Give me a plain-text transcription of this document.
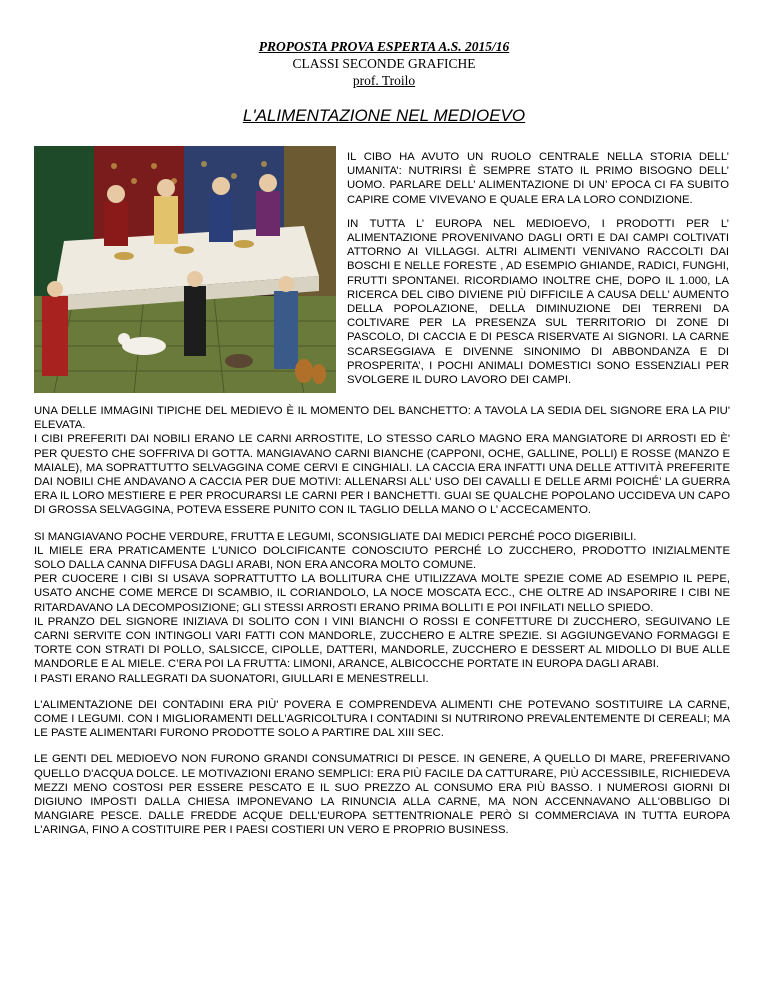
PROPOSTA PROVA ESPERTA A.S. 2015/16
CLASSI SECONDE GRAFICHE
prof. Troilo
L'ALIMENTAZIONE NEL MEDIOEVO

IL CIBO HA AVUTO UN RUOLO CENTRALE NELLA STORIA DELL’ UMANITA’: NUTRIRSI È SEMPRE STATO IL PRIMO BISOGNO DELL’ UOMO. PARLARE DELL’ ALIMENTAZIONE DI UN’ EPOCA CI FA SUBITO CAPIRE COME VIVEVANO E QUALE ERA LA LORO CONDIZIONE.

IN TUTTA L’ EUROPA NEL MEDIOEVO, I PRODOTTI PER L’ ALIMENTAZIONE PROVENIVANO DAGLI ORTI E DAI CAMPI COLTIVATI ATTORNO AI VILLAGGI. ALTRI ALIMENTI VENIVANO RACCOLTI DAI BOSCHI E NELLE FORESTE , AD ESEMPIO GHIANDE, RADICI, FUNGHI, FRUTTI SPONTANEI. RICORDIAMO INOLTRE CHE, DOPO IL 1.000, LA RICERCA DEL CIBO DIVIENE PIÙ DIFFICILE A CAUSA DELL’ AUMENTO DELLA POPOLAZIONE, DELLA DIMINUZIONE DEI TERRENI DA COLTIVARE PER LA PRESENZA SUL TERRITORIO DI ZONE DI PASCOLO, DI CACCIA E DI PESCA RISERVATE AI SIGNORI. LA CARNE SCARSEGGIAVA E DIVENNE SINONIMO DI ABBONDANZA E DI PROSPERITA’, I POCHI ANIMALI DOMESTICI SONO ESSENZIALI PER SVOLGERE IL DURO LAVORO DEI CAMPI.

UNA DELLE IMMAGINI TIPICHE DEL MEDIEVO È IL MOMENTO DEL BANCHETTO: A TAVOLA LA SEDIA DEL SIGNORE ERA LA PIU' ELEVATA.
I CIBI PREFERITI DAI NOBILI ERANO LE CARNI ARROSTITE, LO STESSO CARLO MAGNO ERA MANGIATORE DI ARROSTI ED È' PER QUESTO CHE SOFFRIVA DI GOTTA. MANGIAVANO CARNI BIANCHE (CAPPONI, OCHE, GALLINE, POLLI) E ROSSE (MANZO E MAIALE), MA SOPRATTUTTO SELVAGGINA COME CERVI E CINGHIALI. LA CACCIA ERA INFATTI UNA DELLE ATTIVITÀ PREFERITE DAI NOBILI CHE ANDAVANO A CACCIA PER DUE MOTIVI: ALLENARSI ALL’ USO DEI CAVALLI E DELLE ARMI POICHÉ’ LA GUERRA ERA IL LORO MESTIERE E PER PROCURARSI LE CARNI PER I BANCHETTI. GUAI SE QUALCHE POPOLANO UCCIDEVA UN CAPO DI GROSSA SELVAGGINA, POTEVA ESSERE PUNITO CON IL TAGLIO DELLA MANO O L’ ACCECAMENTO.

SI MANGIAVANO POCHE VERDURE, FRUTTA E LEGUMI, SCONSIGLIATE DAI MEDICI PERCHÉ POCO DIGERIBILI.
IL MIELE ERA PRATICAMENTE L'UNICO DOLCIFICANTE CONOSCIUTO PERCHÉ LO ZUCCHERO, PRODOTTO INIZIALMENTE SOLO DALLA CANNA DIFFUSA DAGLI ARABI, NON ERA ANCORA MOLTO COMUNE.
PER CUOCERE I CIBI SI USAVA SOPRATTUTTO LA BOLLITURA CHE UTILIZZAVA MOLTE SPEZIE COME AD ESEMPIO IL PEPE, USATO ANCHE COME MERCE DI SCAMBIO, IL CORIANDOLO, LA NOCE MOSCATA ECC., CHE OLTRE AD INSAPORIRE I CIBI NE RITARDAVANO LA DECOMPOSIZIONE; GLI STESSI ARROSTI ERANO PRIMA BOLLITI E POI INFILATI NELLO SPIEDO.
IL PRANZO DEL SIGNORE INIZIAVA DI SOLITO CON I VINI BIANCHI O ROSSI E CONFETTURE DI ZUCCHERO, SEGUIVANO LE CARNI SERVITE CON INTINGOLI VARI FATTI CON MANDORLE, ZUCCHERO E ALTRE SPEZIE. SI AGGIUNGEVANO FORMAGGI E TORTE CON STRATI DI POLLO, SALSICCE, CIPOLLE, DATTERI, MANDORLE, ZUCCHERO E DESSERT AL MIDOLLO DI BUE ALLE MANDORLE E AL MIELE. C’ERA POI LA FRUTTA: LIMONI, ARANCE, ALBICOCCHE PORTATE IN EUROPA DAGLI ARABI.
I PASTI ERANO RALLEGRATI DA SUONATORI, GIULLARI E MENESTRELLI.

L'ALIMENTAZIONE DEI CONTADINI ERA PIÙ' POVERA E COMPRENDEVA ALIMENTI CHE POTEVANO SOSTITUIRE LA CARNE, COME I LEGUMI. CON I MIGLIORAMENTI DELL'AGRICOLTURA I CONTADINI SI NUTRIRONO PREVALENTEMENTE DI CEREALI; MA LE PASTE ALIMENTARI FURONO PRODOTTE SOLO A PARTIRE DAL XIII SEC.

LE GENTI DEL MEDIOEVO NON FURONO GRANDI CONSUMATRICI DI PESCE. IN GENERE, A QUELLO DI MARE, PREFERIVANO QUELLO D'ACQUA DOLCE. LE MOTIVAZIONI ERANO SEMPLICI: ERA PIÙ FACILE DA CATTURARE, PIÙ ACCESSIBILE, RICHIEDEVA MEZZI MENO COSTOSI PER ESSERE PESCATO E IL SUO PREZZO AL CONSUMO ERA PIÙ BASSO. I NUMEROSI GIORNI DI DIGIUNO IMPOSTI DALLA CHIESA IMPONEVANO LA RINUNCIA ALLA CARNE, MA NON ACCENNAVANO ALL'OBBLIGO DI MANGIARE PESCE. DALLE FREDDE ACQUE DELL'EUROPA SETTENTRIONALE PERÒ SI COMMERCIAVA IN TUTTA EUROPA L'ARINGA, FINO A COSTITUIRE PER I PAESI COSTIERI UN VERO E PROPRIO BUSINESS.
